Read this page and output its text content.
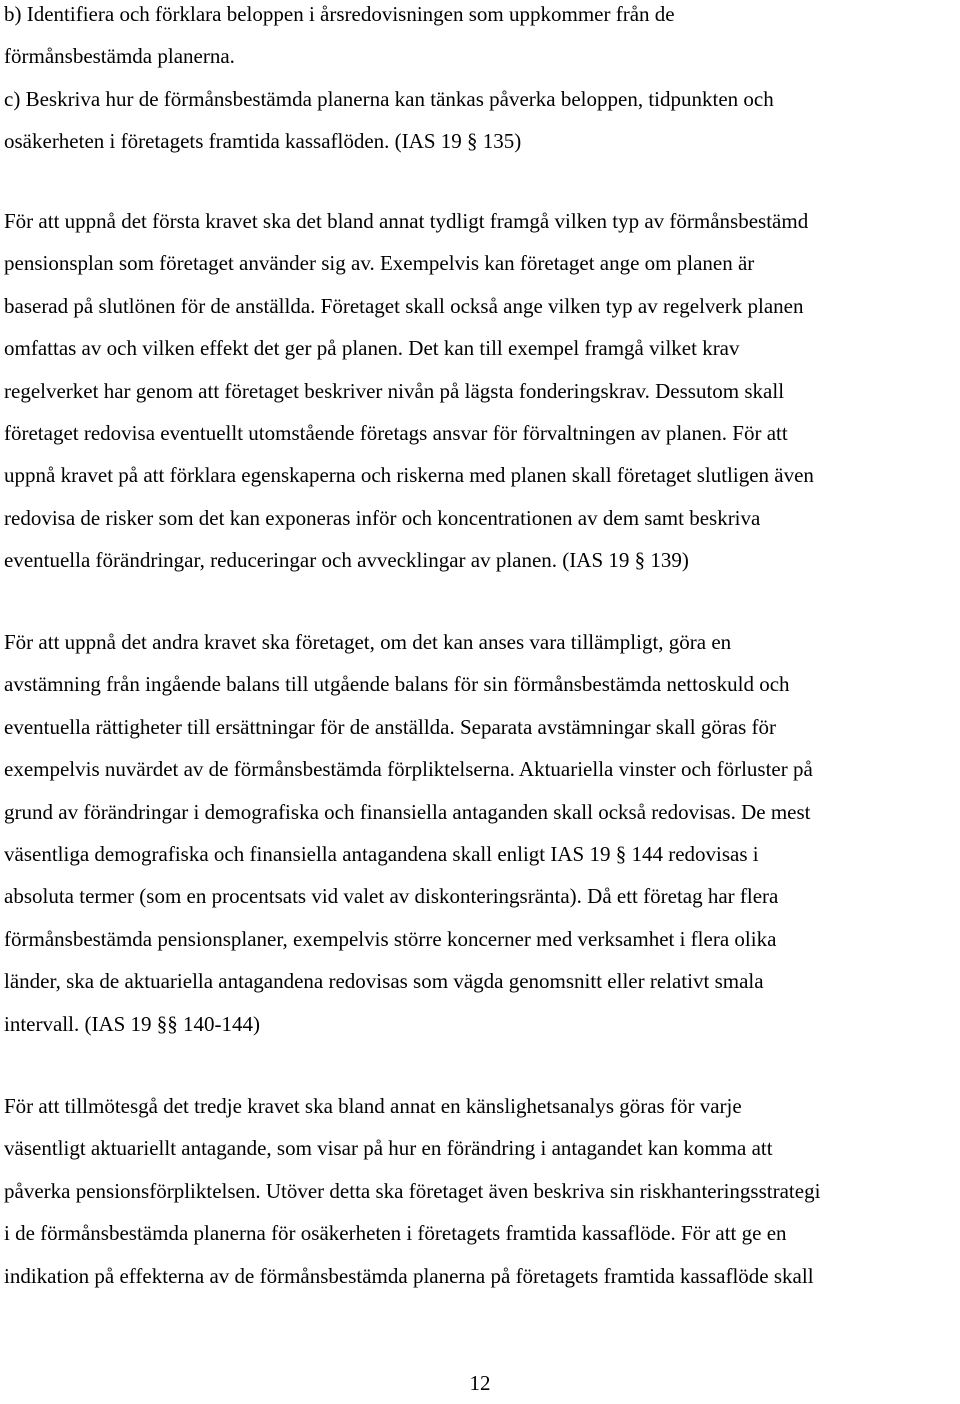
b) Identifiera och förklara beloppen i årsredovisningen som uppkommer från de
förmånsbestämda planerna.
c) Beskriva hur de förmånsbestämda planerna kan tänkas påverka beloppen, tidpunkten och
osäkerheten i företagets framtida kassaflöden. (IAS 19 § 135)
För att uppnå det första kravet ska det bland annat tydligt framgå vilken typ av förmånsbestämd
pensionsplan som företaget använder sig av. Exempelvis kan företaget ange om planen är
baserad på slutlönen för de anställda. Företaget skall också ange vilken typ av regelverk planen
omfattas av och vilken effekt det ger på planen. Det kan till exempel framgå vilket krav
regelverket har genom att företaget beskriver nivån på lägsta fonderingskrav. Dessutom skall
företaget redovisa eventuellt utomstående företags ansvar för förvaltningen av planen. För att
uppnå kravet på att förklara egenskaperna och riskerna med planen skall företaget slutligen även
redovisa de risker som det kan exponeras inför och koncentrationen av dem samt beskriva
eventuella förändringar, reduceringar och avvecklingar av planen. (IAS 19 § 139)
För att uppnå det andra kravet ska företaget, om det kan anses vara tillämpligt, göra en
avstämning från ingående balans till utgående balans för sin förmånsbestämda nettoskuld och
eventuella rättigheter till ersättningar för de anställda. Separata avstämningar skall göras för
exempelvis nuvärdet av de förmånsbestämda förpliktelserna. Aktuariella vinster och förluster på
grund av förändringar i demografiska och finansiella antaganden skall också redovisas. De mest
väsentliga demografiska och finansiella antagandena skall enligt IAS 19 § 144 redovisas i
absoluta termer (som en procentsats vid valet av diskonteringsränta). Då ett företag har flera
förmånsbestämda pensionsplaner, exempelvis större koncerner med verksamhet i flera olika
länder, ska de aktuariella antagandena redovisas som vägda genomsnitt eller relativt smala
intervall. (IAS 19 §§ 140-144)
För att tillmötesgå det tredje kravet ska bland annat en känslighetsanalys göras för varje
väsentligt aktuariellt antagande, som visar på hur en förändring i antagandet kan komma att
påverka pensionsförpliktelsen. Utöver detta ska företaget även beskriva sin riskhanteringsstrategi
i de förmånsbestämda planerna för osäkerheten i företagets framtida kassaflöde. För att ge en
indikation på effekterna av de förmånsbestämda planerna på företagets framtida kassaflöde skall
12
